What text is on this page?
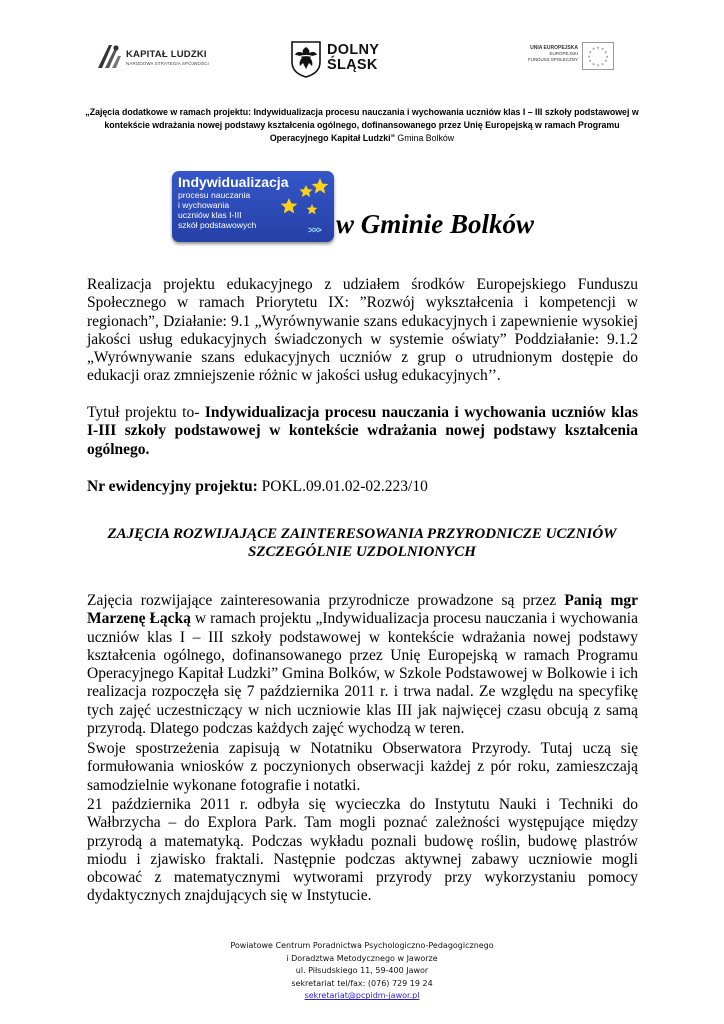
KAPITAŁ LUDZKI
NARODOWA STRATEGIA SPÓJNOŚCI
DOLNY
ŚLĄSK
UNIA EUROPEJSKA
EUROPEJSKI
FUNDUSZ SPOŁECZNY
★ ★
★
★
★
★
★
★
★
★
★
★
„Zajęcia dodatkowe w ramach projektu: Indywidualizacja procesu nauczania i wychowania uczniów klas I – III szkoły podstawowej w kontekście wdrażania nowej podstawy kształcenia ogólnego, dofinansowanego przez Unię Europejską w ramach Programu Operacyjnego Kapitał Ludzki” Gmina Bolków
Indywidualizacja
procesu nauczania
i wychowania
uczniów klas I-III
szkół podstawowych	>>> w Gminie Bolków
Realizacja projektu edukacyjnego z udziałem środków Europejskiego Funduszu Społecznego w ramach Priorytetu IX: ”Rozwój wykształcenia i kompetencji w regionach”, Działanie: 9.1 „Wyrównywanie szans edukacyjnych i zapewnienie wysokiej jakości usług edukacyjnych świadczonych w systemie oświaty” Poddziałanie: 9.1.2 „Wyrównywanie szans edukacyjnych uczniów z grup o utrudnionym dostępie do edukacji oraz zmniejszenie różnic w jakości usług edukacyjnych’’.
Tytuł projektu to- Indywidualizacja procesu nauczania i wychowania uczniów klas I-III szkoły podstawowej w kontekście wdrażania nowej podstawy kształcenia ogólnego.
Nr ewidencyjny projektu: POKL.09.01.02-02.223/10
ZAJĘCIA ROZWIJAJĄCE ZAINTERESOWANIA PRZYRODNICZE UCZNIÓW
SZCZEGÓLNIE UZDOLNIONYCH
Zajęcia rozwijające zainteresowania przyrodnicze prowadzone są przez Panią mgr Marzenę Łącką w ramach projektu „Indywidualizacja procesu nauczania i wychowania uczniów klas I – III szkoły podstawowej w kontekście wdrażania nowej podstawy kształcenia ogólnego, dofinansowanego przez Unię Europejską w ramach Programu Operacyjnego Kapitał Ludzki” Gmina Bolków, w Szkole Podstawowej w Bolkowie i ich realizacja rozpoczęła się 7 października 2011 r. i trwa nadal. Ze względu na specyfikę tych zajęć uczestniczący w nich uczniowie klas III jak najwięcej czasu obcują z samą przyrodą. Dlatego podczas każdych zajęć wychodzą w teren.
Swoje spostrzeżenia zapisują w Notatniku Obserwatora Przyrody. Tutaj uczą się formułowania wniosków z poczynionych obserwacji każdej z pór roku, zamieszczają samodzielnie wykonane fotografie i notatki.
21 października 2011 r. odbyła się wycieczka do Instytutu Nauki i Techniki do Wałbrzycha – do Explora Park. Tam mogli poznać zależności występujące między przyrodą a matematyką. Podczas wykładu poznali budowę roślin, budowę plastrów miodu i zjawisko fraktali. Następnie podczas aktywnej zabawy uczniowie mogli obcować z matematycznymi wytworami przyrody przy wykorzystaniu pomocy dydaktycznych znajdujących się w Instytucie.
Powiatowe Centrum Poradnictwa Psychologiczno-Pedagogicznego
i Doradztwa Metodycznego w Jaworze
ul. Piłsudskiego 11, 59-400 Jawor
sekretariat tel/fax: (076) 729 19 24
sekretariat@pcpidm-jawor.pl
